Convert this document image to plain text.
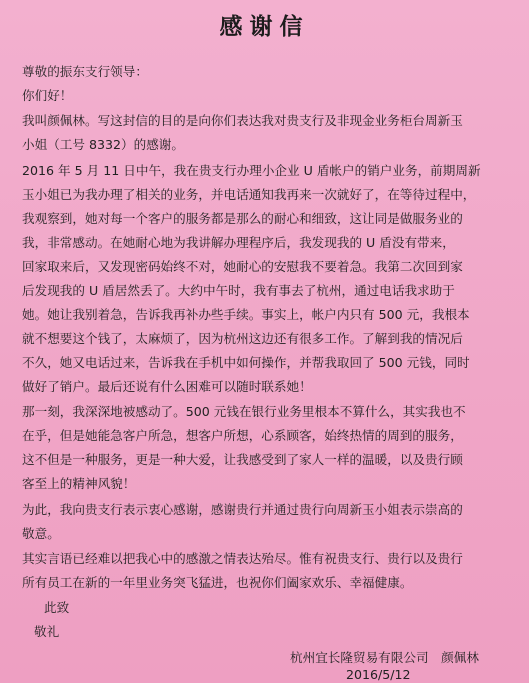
感谢信
尊敬的振东支行领导：
你们好！
我叫颜佩林。写这封信的目的是向你们表达我对贵支行及非现金业务柜台周新玉
小姐（工号 8332）的感谢。
2016 年 5 月 11 日中午，我在贵支行办理小企业 U 盾帐户的销户业务，前期周新
玉小姐已为我办理了相关的业务，并电话通知我再来一次就好了，在等待过程中，
我观察到，她对每一个客户的服务都是那么的耐心和细致，这让同是做服务业的
我，非常感动。在她耐心地为我讲解办理程序后，我发现我的 U 盾没有带来，
回家取来后，又发现密码始终不对，她耐心的安慰我不要着急。我第二次回到家
后发现我的 U 盾居然丢了。大约中午时，我有事去了杭州，通过电话我求助于
她。她让我别着急，告诉我再补办些手续。事实上，帐户内只有 500 元，我根本
就不想要这个钱了，太麻烦了，因为杭州这边还有很多工作。了解到我的情况后
不久，她又电话过来，告诉我在手机中如何操作，并帮我取回了 500 元钱，同时
做好了销户。最后还说有什么困难可以随时联系她！
那一刻，我深深地被感动了。500 元钱在银行业务里根本不算什么，其实我也不
在乎，但是她能急客户所急，想客户所想，心系顾客，始终热情的周到的服务，
这不但是一种服务，更是一种大爱，让我感受到了家人一样的温暖，以及贵行顾
客至上的精神风貌！
为此，我向贵支行表示衷心感谢，感谢贵行并通过贵行向周新玉小姐表示崇高的
敬意。
其实言语已经难以把我心中的感激之情表达殆尽。惟有祝贵支行、贵行以及贵行
所有员工在新的一年里业务突飞猛进，也祝你们阖家欢乐、幸福健康。
此致
敬礼
杭州宜长隆贸易有限公司　颜佩林
2016/5/12
